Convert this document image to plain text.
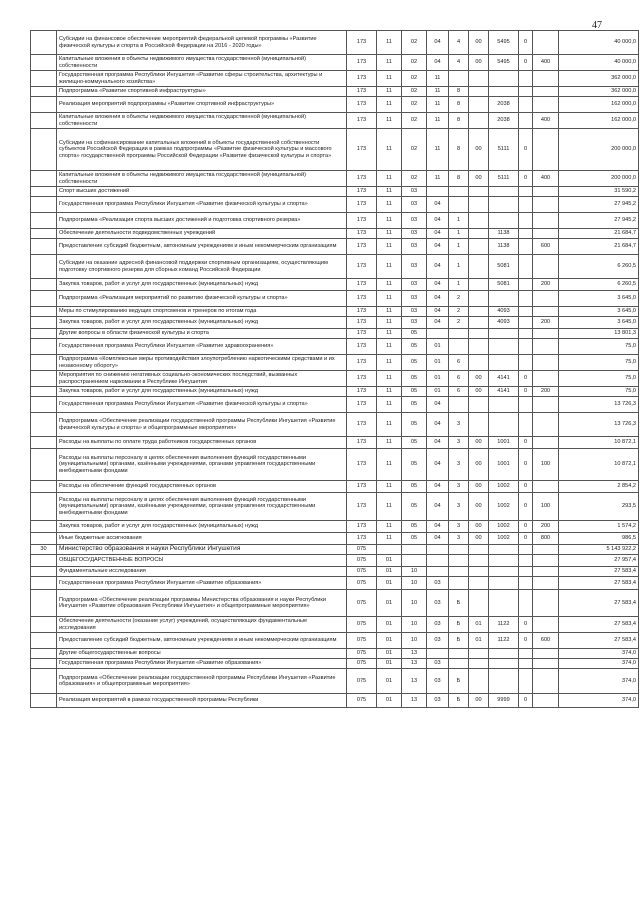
47
	Субсидии на финансовое обеспечение мероприятий федеральной целевой программы «Развитие физической культуры и спорта в Российской Федерации на 2016 - 2020 годы»	173	11	02	04	4	00	5495	0		40 000,0
	Капитальные вложения в объекты недвижимого имущества государственной (муниципальной) собственности	173	11	02	04	4	00	5495	0	400	40 000,0
	Государственная программа Республики Ингушетия «Развитие сферы строительства, архитектуры и жилищно-коммунального хозяйства»	173	11	02	11						362 000,0
	Подпрограмма «Развитие спортивной инфраструктуры»	173	11	02	11	8					362 000,0
	Реализация мероприятий подпрограммы «Развитие спортивной инфраструктуры»	173	11	02	11	8		2038			162 000,0
	Капитальные вложения в объекты недвижимого имущества государственной (муниципальной) собственности	173	11	02	11	8		2038		400	162 000,0
	Субсидии на софинансирование капитальных вложений в объекты государственной собственности субъектов Российской Федерации в рамках подпрограммы «Развитие физической культуры и массового спорта» государственной программы Российской Федерации «Развитие физической культуры и спорта»	173	11	02	11	8	00	5111	0		200 000,0
	Капитальные вложения в объекты недвижимого имущества государственной (муниципальной) собственности	173	11	02	11	8	00	5111	0	400	200 000,0
	Спорт высших достижений	173	11	03							31 590,2
	Государственная программа Республики Ингушетия «Развитие физической культуры и спорта»	173	11	03	04						27 945,2
	Подпрограмма «Реализация спорта высших достижений и подготовка спортивного резерва»	173	11	03	04	1					27 945,2
	Обеспечение деятельности подведомственных учреждений	173	11	03	04	1		1138			21 684,7
	Предоставление субсидий бюджетным, автономным учреждениям и иным некоммерческим организациям	173	11	03	04	1		1138		600	21 684,7
	Субсидии на оказание адресной финансовой поддержки спортивным организациям, осуществляющим подготовку спортивного резерва для сборных команд Российской Федерации	173	11	03	04	1		5081			6 260,5
	Закупка товаров, работ и услуг для государственных (муниципальных) нужд	173	11	03	04	1		5081		200	6 260,5
	Подпрограмма «Реализация мероприятий по развитию физической культуры и спорта»	173	11	03	04	2					3 645,0
	Меры по стимулированию ведущих спортсменов и тренеров по итогам года	173	11	03	04	2		4093			3 645,0
	Закупка товаров, работ и услуг для государственных (муниципальных) нужд	173	11	03	04	2		4093		200	3 645,0
	Другие вопросы в области физической культуры и спорта	173	11	05							13 801,3
	Государственная программа Республики Ингушетия «Развитие здравоохранения»	173	11	05	01						75,0
	Подпрограмма «Комплексные меры противодействия злоупотреблению наркотическими средствами и их незаконному обороту»	173	11	05	01	6					75,0
	Мероприятия по снижению негативных социально-экономических последствий, вызванных распространением наркомании в Республике Ингушетия	173	11	05	01	6	00	4141	0		75,0
	Закупка товаров, работ и услуг для государственных (муниципальных) нужд	173	11	05	01	6	00	4141	0	200	75,0
	Государственная программа Республики Ингушетия «Развитие физической культуры и спорта»	173	11	05	04						13 726,3
	Подпрограмма «Обеспечение реализации государственной программы Республики Ингушетия «Развитие физической культуры и спорта» и общепрограммные мероприятия»	173	11	05	04	3					13 726,3
	Расходы на выплаты по оплате труда работников государственных органов	173	11	05	04	3	00	1001	0		10 872,1
	Расходы на выплаты персоналу в целях обеспечения выполнения функций государственными (муниципальными) органами, казёнными учреждениями, органами управления государственными внебюджетными фондами	173	11	05	04	3	00	1001	0	100	10 872,1
	Расходы на обеспечение функций государственных органов	173	11	05	04	3	00	1002	0		2 854,2
	Расходы на выплаты персоналу в целях обеспечения выполнения функций государственными (муниципальными) органами, казёнными учреждениями, органами управления государственными внебюджетными фондами	173	11	05	04	3	00	1002	0	100	293,5
	Закупка товаров, работ и услуг для государственных (муниципальных) нужд	173	11	05	04	3	00	1002	0	200	1 574,2
	Иные бюджетные ассигнования	173	11	05	04	3	00	1002	0	800	986,5
30	Министерство образования и науки Республики Ингушетия	075									5 143 922,2
	ОБЩЕГОСУДАРСТВЕННЫЕ ВОПРОСЫ	075	01								27 957,4
	Фундаментальные исследования	075	01	10							27 583,4
	Государственная программа Республики Ингушетия «Развитие образования»	075	01	10	03						27 583,4
	Подпрограмма «Обеспечение реализации программы Министерства образования и науки Республики Ингушетия «Развитие образования Республики Ингушетия» и общепрограммные мероприятия»	075	01	10	03	Б					27 583,4
	Обеспечение деятельности (оказание услуг) учреждений, осуществляющих фундаментальные исследования	075	01	10	03	Б	01	1122	0		27 583,4
	Предоставление субсидий бюджетным, автономным учреждениям и иным некоммерческим организациям	075	01	10	03	Б	01	1122	0	600	27 583,4
	Другие общегосударственные вопросы	075	01	13							374,0
	Государственная программа Республики Ингушетия «Развитие образования»	075	01	13	03						374,0
	Подпрограмма «Обеспечение реализации государственной программы Республики Ингушетия «Развитие образования» и общепрограммные мероприятия»	075	01	13	03	Б					374,0
	Реализация мероприятий в рамках государственной программы Республики	075	01	13	03	Б	00	9999	0		374,0
